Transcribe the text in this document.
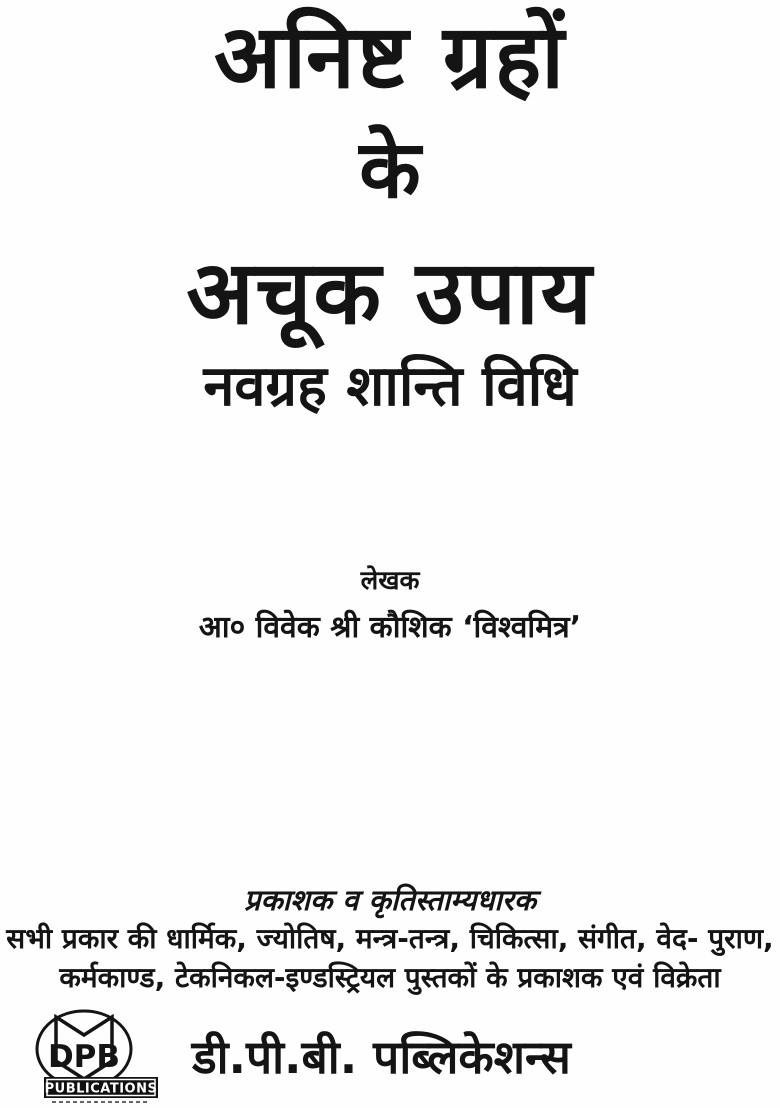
अनिष्ट ग्रहों
के
अचूक उपाय
नवग्रह शान्ति विधि
लेखक
आ० विवेक श्री कौशिक ‘विश्वमित्र’
प्रकाशक व कृतिस्ताम्यधारक
सभी प्रकार की धार्मिक, ज्योतिष, मन्त्र-तन्त्र, चिकित्सा, संगीत, वेद- पुराण,
कर्मकाण्ड, टेकनिकल-इण्डस्ट्रियल पुस्तकों के प्रकाशक एवं विक्रेता
DPB
PUBLICATIONS
डी.पी.बी. पब्लिकेशन्स
